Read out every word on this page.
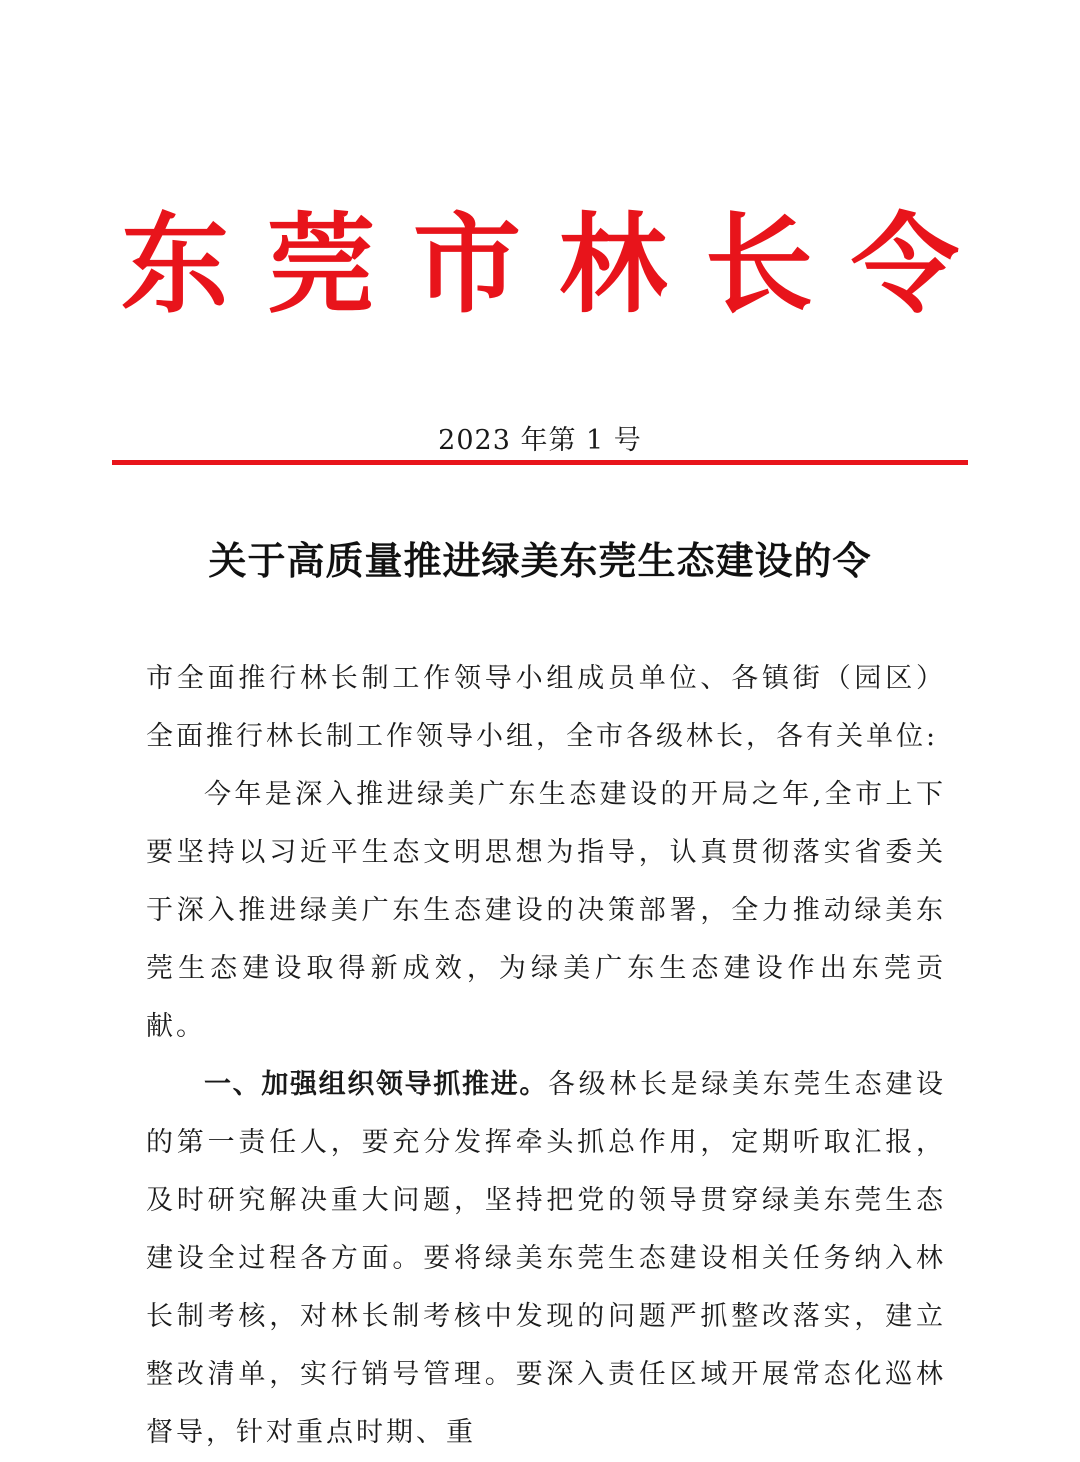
东 莞 市 林 长 令
2023 年第 1 号
关于高质量推进绿美东莞生态建设的令

市全面推行林长制工作领导小组成员单位、各镇街（园区）全面推行林长制工作领导小组，全市各级林长，各有关单位:

今年是深入推进绿美广东生态建设的开局之年,全市上下要坚持以习近平生态文明思想为指导，认真贯彻落实省委关于深入推进绿美广东生态建设的决策部署，全力推动绿美东莞生态建设取得新成效，为绿美广东生态建设作出东莞贡献。

一、加强组织领导抓推进。各级林长是绿美东莞生态建设的第一责任人，要充分发挥牵头抓总作用，定期听取汇报，及时研究解决重大问题，坚持把党的领导贯穿绿美东莞生态建设全过程各方面。要将绿美东莞生态建设相关任务纳入林长制考核，对林长制考核中发现的问题严抓整改落实，建立整改清单，实行销号管理。要深入责任区域开展常态化巡林督导，针对重点时期、重
